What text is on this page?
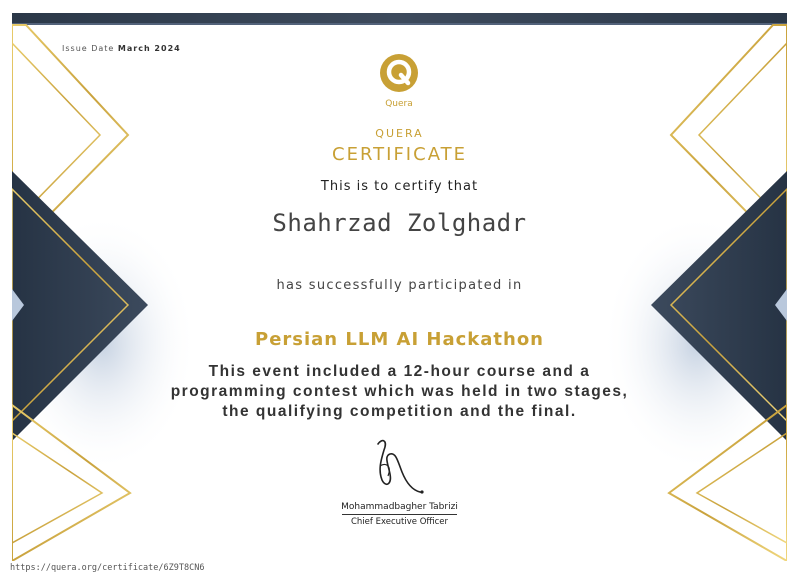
Issue Date March 2024
Quera
QUERA
CERTIFICATE
This is to certify that
Shahrzad Zolghadr
has successfully participated in
Persian LLM AI Hackathon
This event included a 12-hour course and a programming contest which was held in two stages, the qualifying competition and the final.
Mohammadbagher Tabrizi
Chief Executive Officer
https://quera.org/certificate/6Z9T8CN6
